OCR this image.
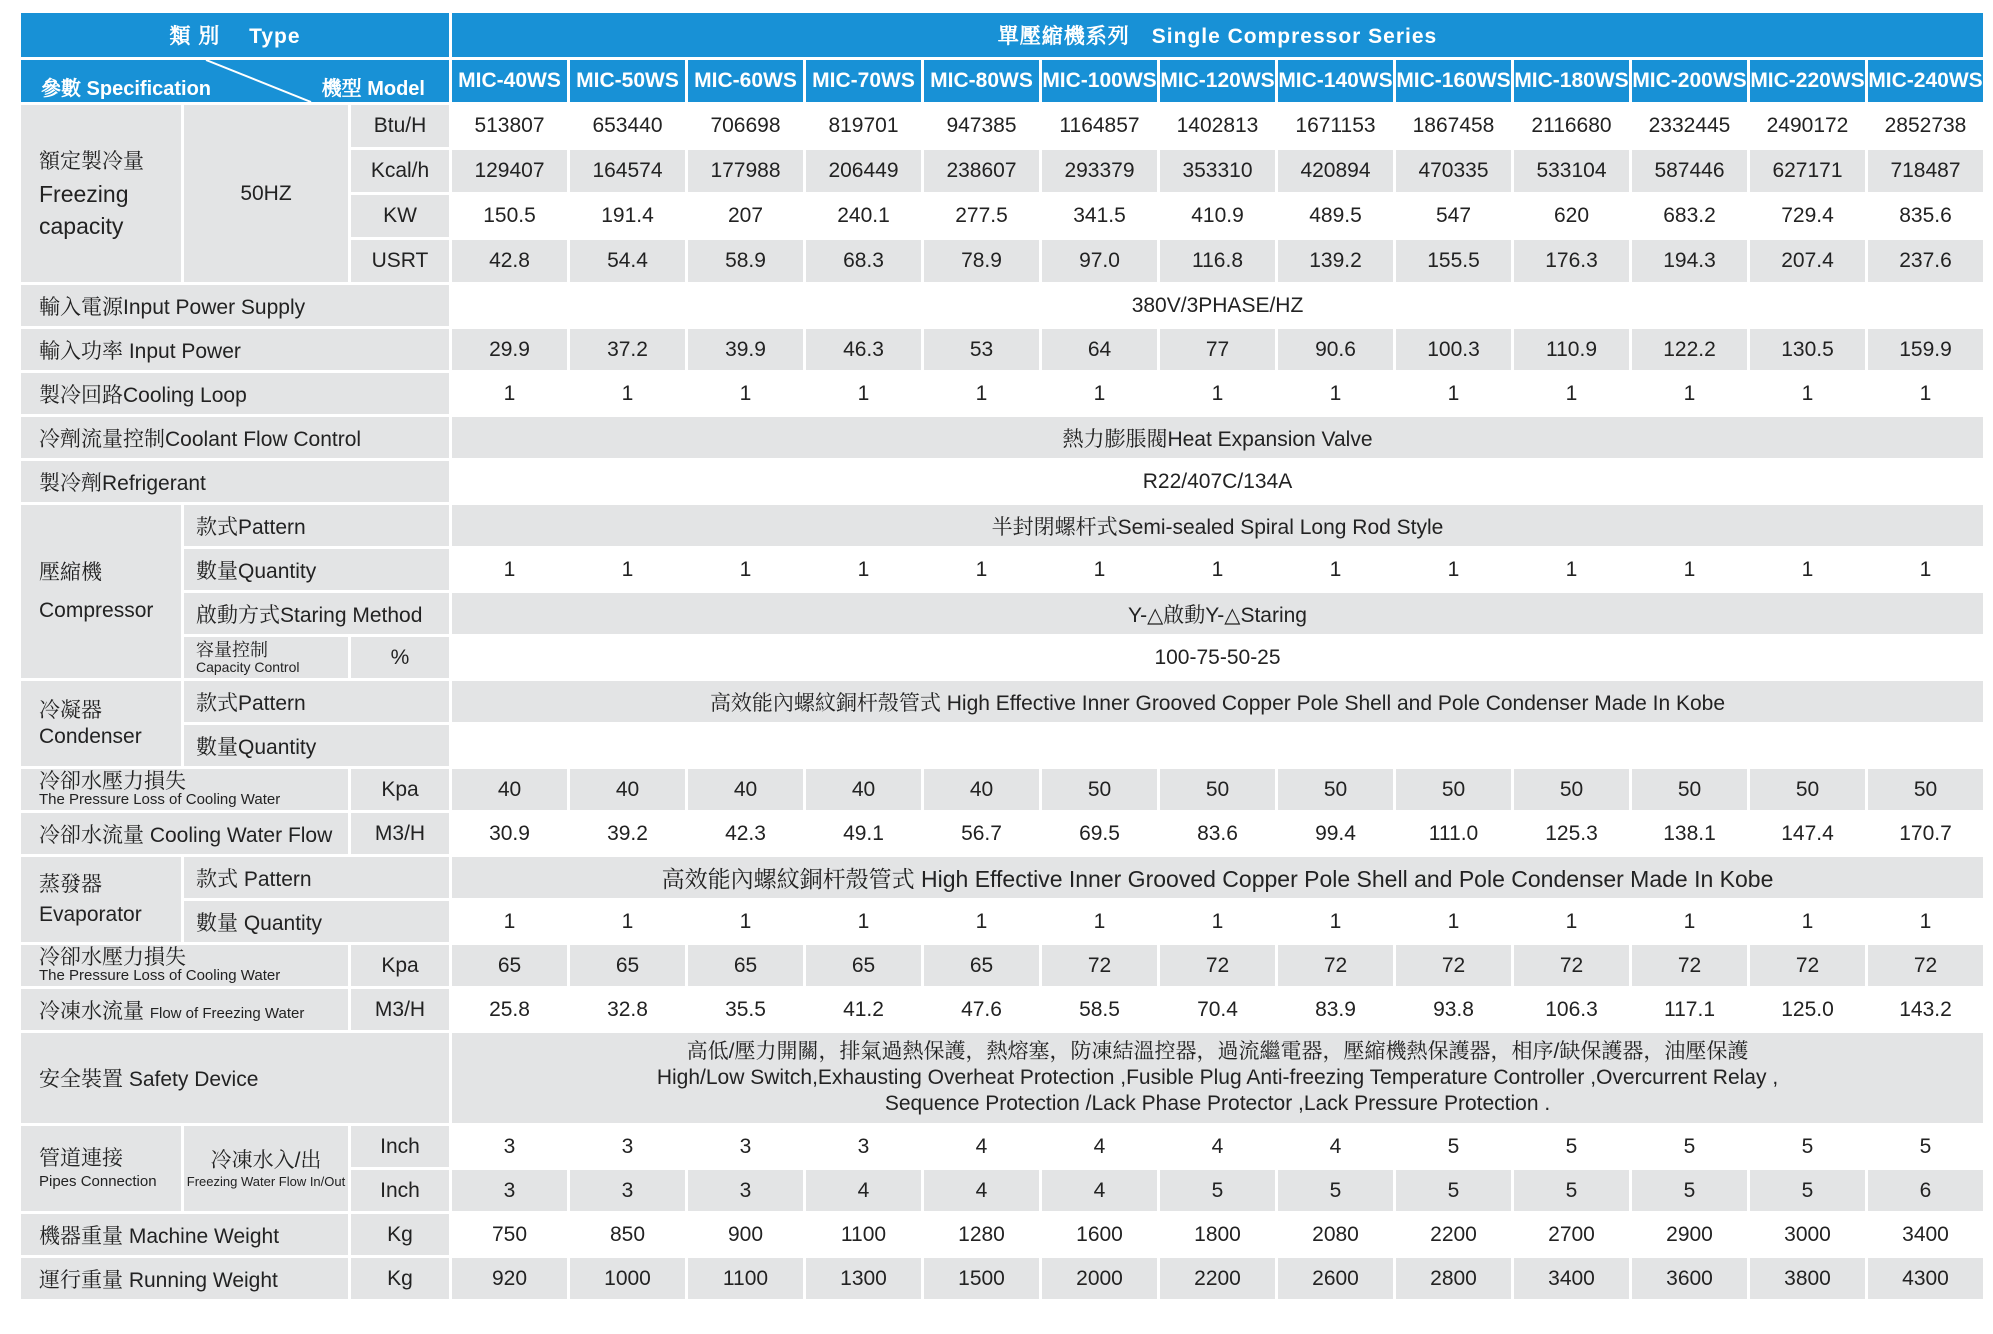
類 別　 Type			單壓縮機系列　Single Compressor Series												

參數 Specification 機型 Model			MIC-40WS	MIC-50WS	MIC-60WS	MIC-70WS	MIC-80WS	MIC-100WS	MIC-120WS	MIC-140WS	MIC-160WS	MIC-180WS	MIC-200WS	MIC-220WS	MIC-240WS

額定製冷量
Freezing
capacity	50HZ	Btu/H	513807	653440	706698	819701	947385	1164857	1402813	1671153	1867458	2116680	2332445	2490172	2852738
		Kcal/h	129407	164574	177988	206449	238607	293379	353310	420894	470335	533104	587446	627171	718487
		KW	150.5	191.4	207	240.1	277.5	341.5	410.9	489.5	547	620	683.2	729.4	835.6
		USRT	42.8	54.4	58.9	68.3	78.9	97.0	116.8	139.2	155.5	176.3	194.3	207.4	237.6
輸入電源Input Power Supply			380V/3PHASE/HZ												
輸入功率 Input Power			29.9	37.2	39.9	46.3	53	64	77	90.6	100.3	110.9	122.2	130.5	159.9
製冷回路Cooling Loop			1	1	1	1	1	1	1	1	1	1	1	1	1
冷劑流量控制Coolant Flow Control			熱力膨脹閥Heat Expansion Valve												
製冷劑Refrigerant			R22/407C/134A												

壓縮機
Compressor	款式Pattern		半封閉螺杆式Semi-sealed Spiral Long Rod Style												
	數量Quantity		1	1	1	1	1	1	1	1	1	1	1	1	1
	啟動方式Staring Method		Y-△啟動Y-△Staring												

	容量控制
Capacity Control	%	100-75-50-25												

冷凝器
Condenser	款式Pattern		高效能內螺紋銅杆殼管式 High Effective Inner Grooved Copper Pole Shell and Pole Condenser Made In Kobe												
	數量Quantity														

冷卻水壓力損失
The Pressure Loss of Cooling Water		Kpa	40	40	40	40	40	50	50	50	50	50	50	50	50
冷卻水流量 Cooling Water Flow		M3/H	30.9	39.2	42.3	49.1	56.7	69.5	83.6	99.4	111.0	125.3	138.1	147.4	170.7

蒸發器
Evaporator	款式 Pattern		高效能內螺紋銅杆殼管式 High Effective Inner Grooved Copper Pole Shell and Pole Condenser Made In Kobe												
	數量 Quantity		1	1	1	1	1	1	1	1	1	1	1	1	1

冷卻水壓力損失
The Pressure Loss of Cooling Water		Kpa	65	65	65	65	65	72	72	72	72	72	72	72	72
冷凍水流量 Flow of Freezing Water		M3/H	25.8	32.8	35.5	41.2	47.6	58.5	70.4	83.9	93.8	106.3	117.1	125.0	143.2
安全裝置 Safety Device			高低/壓力開關，排氣過熱保護，熱熔塞，防凍結溫控器，過流繼電器，壓縮機熱保護器，相序/缺保護器，油壓保護
High/Low Switch,Exhausting Overheat Protection ,Fusible Plug Anti-freezing Temperature Controller ,Overcurrent Relay ,
Sequence Protection /Lack Phase Protector ,Lack Pressure Protection .												

管道連接
Pipes Connection	冷凍水入/出
Freezing Water Flow In/Out	Inch	3	3	3	3	4	4	4	4	5	5	5	5	5
		Inch	3	3	3	4	4	4	5	5	5	5	5	5	6
機器重量 Machine Weight		Kg	750	850	900	1100	1280	1600	1800	2080	2200	2700	2900	3000	3400
運行重量 Running Weight		Kg	920	1000	1100	1300	1500	2000	2200	2600	2800	3400	3600	3800	4300
